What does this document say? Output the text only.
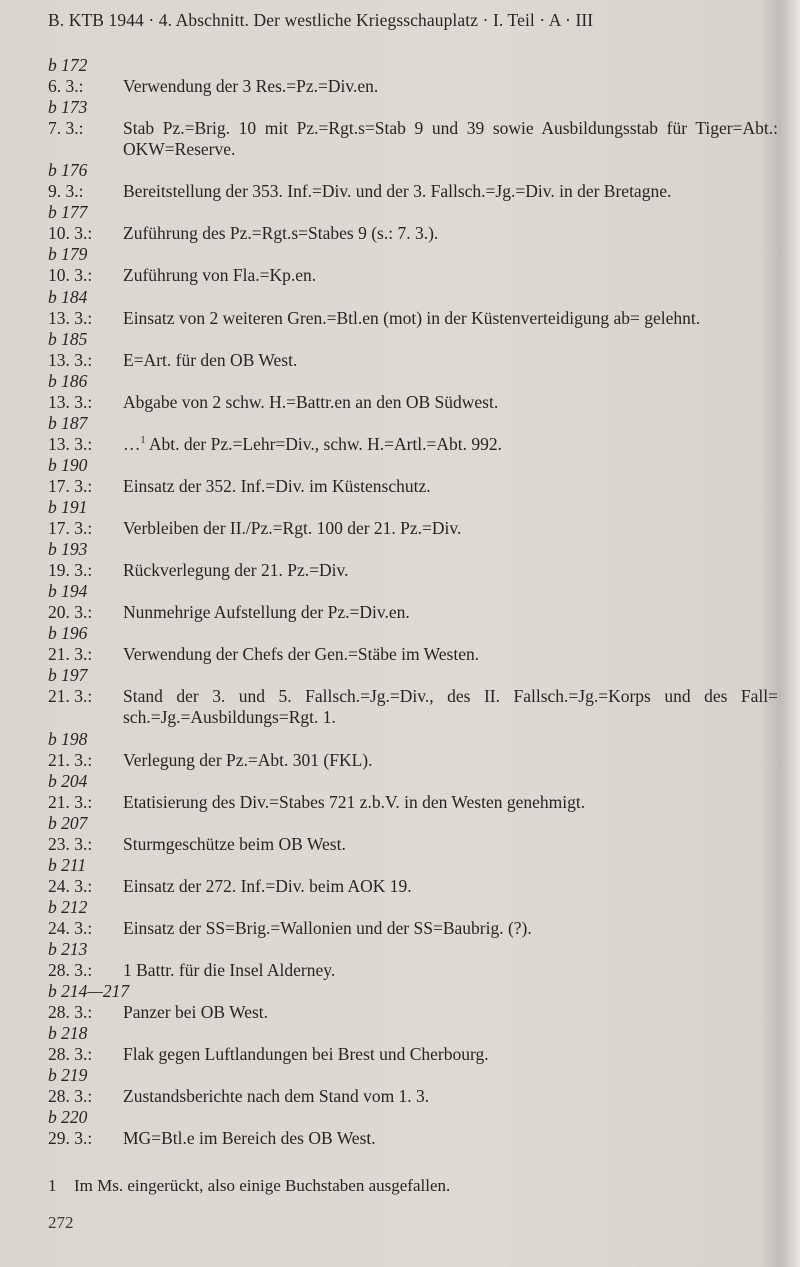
B. KTB 1944 · 4. Abschnitt. Der westliche Kriegsschauplatz · I. Teil · A · III
b 172
6. 3.:	Verwendung der 3 Res.=Pz.=Div.en.
b 173
7. 3.:	Stab Pz.=Brig. 10 mit Pz.=Rgt.s=Stab 9 und 39 sowie Ausbildungsstab für Tiger=Abt.: OKW=Reserve.
b 176
9. 3.:	Bereitstellung der 353. Inf.=Div. und der 3. Fallsch.=Jg.=Div. in der Bretagne.
b 177
10. 3.:	Zuführung des Pz.=Rgt.s=Stabes 9 (s.: 7. 3.).
b 179
10. 3.:	Zuführung von Fla.=Kp.en.
b 184
13. 3.:	Einsatz von 2 weiteren Gren.=Btl.en (mot) in der Küstenverteidigung ab= gelehnt.
b 185
13. 3.:	E=Art. für den OB West.
b 186
13. 3.:	Abgabe von 2 schw. H.=Battr.en an den OB Südwest.
b 187
13. 3.:	…$^1$ Abt. der Pz.=Lehr=Div., schw. H.=Artl.=Abt. 992.
b 190
17. 3.:	Einsatz der 352. Inf.=Div. im Küstenschutz.
b 191
17. 3.:	Verbleiben der II./Pz.=Rgt. 100 der 21. Pz.=Div.
b 193
19. 3.:	Rückverlegung der 21. Pz.=Div.
b 194
20. 3.:	Nunmehrige Aufstellung der Pz.=Div.en.
b 196
21. 3.:	Verwendung der Chefs der Gen.=Stäbe im Westen.
b 197
21. 3.:	Stand der 3. und 5. Fallsch.=Jg.=Div., des II. Fallsch.=Jg.=Korps und des Fall= sch.=Jg.=Ausbildungs=Rgt. 1.
b 198
21. 3.:	Verlegung der Pz.=Abt. 301 (FKL).
b 204
21. 3.:	Etatisierung des Div.=Stabes 721 z.b.V. in den Westen genehmigt.
b 207
23. 3.:	Sturmgeschütze beim OB West.
b 211
24. 3.:	Einsatz der 272. Inf.=Div. beim AOK 19.
b 212
24. 3.:	Einsatz der SS=Brig.=Wallonien und der SS=Baubrig. (?).
b 213
28. 3.:	1 Battr. für die Insel Alderney.
b 214—217
28. 3.:	Panzer bei OB West.
b 218
28. 3.:	Flak gegen Luftlandungen bei Brest und Cherbourg.
b 219
28. 3.:	Zustandsberichte nach dem Stand vom 1. 3.
b 220
29. 3.:	MG=Btl.e im Bereich des OB West.
1	Im Ms. eingerückt, also einige Buchstaben ausgefallen.
272
